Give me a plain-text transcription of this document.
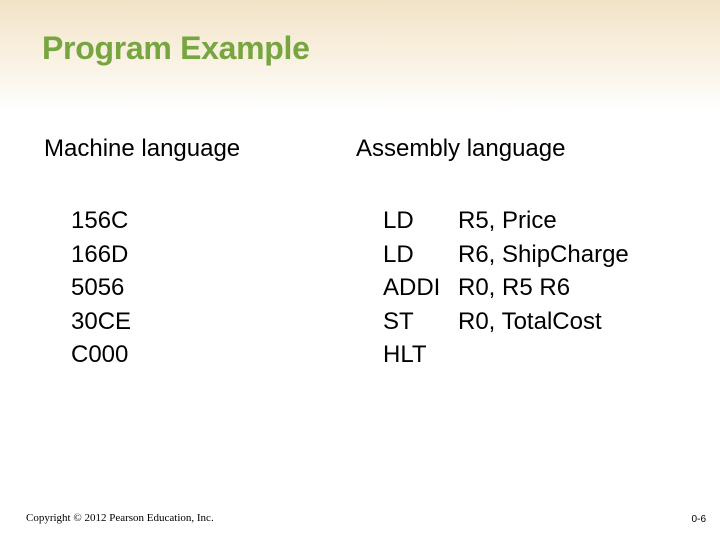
Program Example
Machine language
156C
166D
5056
30CE
C000
Assembly language
LD R5, Price
LD R6, ShipCharge
ADDI R0, R5 R6
ST R0, TotalCost
HLT
Copyright © 2012 Pearson Education, Inc.	0-6
